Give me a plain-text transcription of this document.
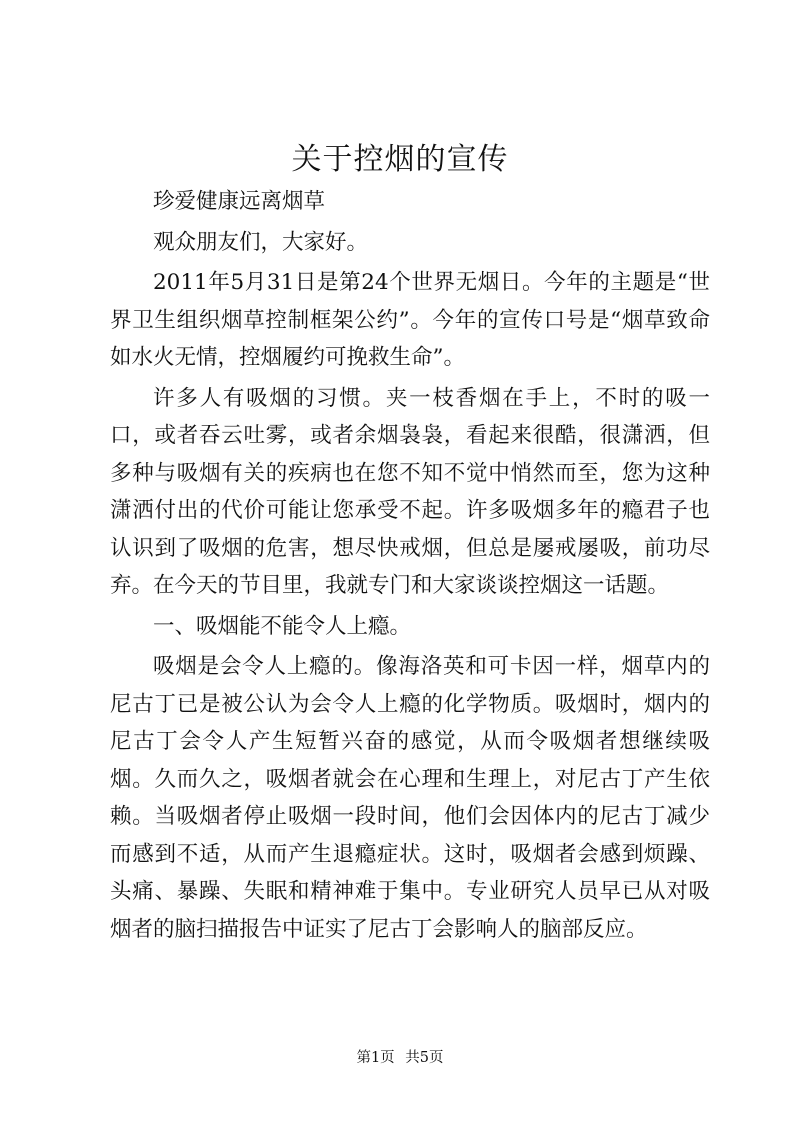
关于控烟的宣传

珍爱健康远离烟草

观众朋友们，大家好。

2011年5月31日是第24个世界无烟日。今年的主题是“世界卫生组织烟草控制框架公约”。今年的宣传口号是“烟草致命如水火无情，控烟履约可挽救生命”。

许多人有吸烟的习惯。夹一枝香烟在手上，不时的吸一口，或者吞云吐雾，或者余烟袅袅，看起来很酷，很潇洒，但多种与吸烟有关的疾病也在您不知不觉中悄然而至，您为这种潇洒付出的代价可能让您承受不起。许多吸烟多年的瘾君子也认识到了吸烟的危害，想尽快戒烟，但总是屡戒屡吸，前功尽弃。在今天的节目里，我就专门和大家谈谈控烟这一话题。

一、吸烟能不能令人上瘾。

吸烟是会令人上瘾的。像海洛英和可卡因一样，烟草内的尼古丁已是被公认为会令人上瘾的化学物质。吸烟时，烟内的尼古丁会令人产生短暂兴奋的感觉，从而令吸烟者想继续吸烟。久而久之，吸烟者就会在心理和生理上，对尼古丁产生依赖。当吸烟者停止吸烟一段时间，他们会因体内的尼古丁减少而感到不适，从而产生退瘾症状。这时，吸烟者会感到烦躁、头痛、暴躁、失眠和精神难于集中。专业研究人员早已从对吸烟者的脑扫描报告中证实了尼古丁会影响人的脑部反应。

第1页 共5页
